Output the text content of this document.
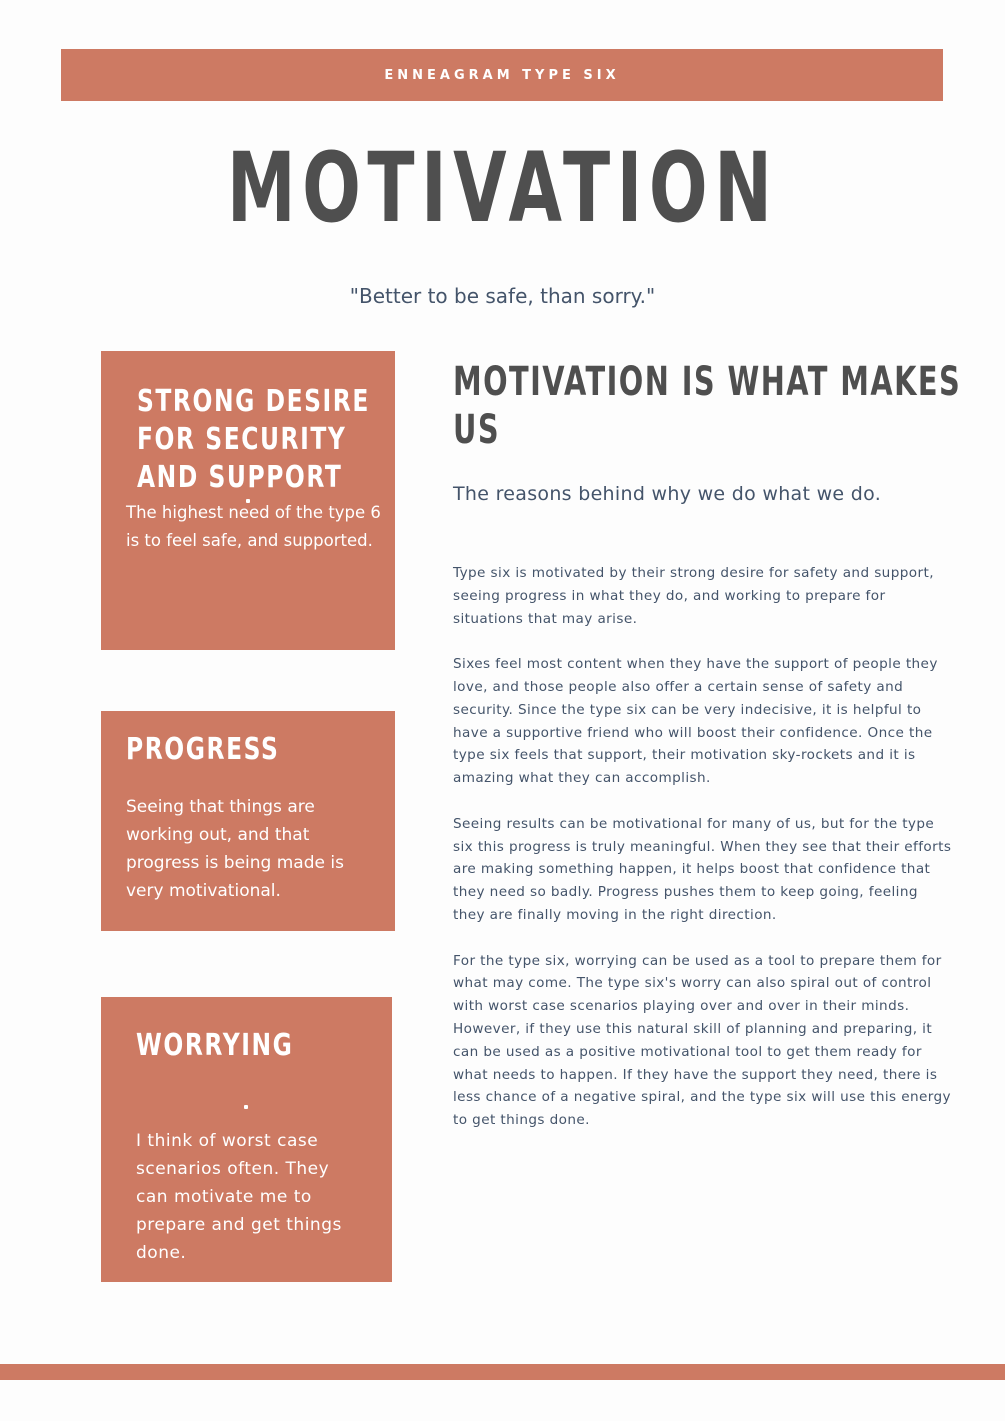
ENNEAGRAM TYPE SIX
MOTIVATION
"Better to be safe, than sorry."
STRONG DESIRE
FOR SECURITY
AND SUPPORT
The highest need of the type 6
is to feel safe, and supported.
PROGRESS
Seeing that things are
working out, and that
progress is being made is
very motivational.
WORRYING
I think of worst case
scenarios often. They
can motivate me to
prepare and get things
done.
MOTIVATION IS WHAT MAKES
US
The reasons behind why we do what we do.

Type six is motivated by their strong desire for safety and support, seeing progress in what they do, and working to prepare for situations that may arise.

Sixes feel most content when they have the support of people they love, and those people also offer a certain sense of safety and security. Since the type six can be very indecisive, it is helpful to have a supportive friend who will boost their confidence. Once the type six feels that support, their motivation sky-rockets and it is amazing what they can accomplish.

Seeing results can be motivational for many of us, but for the type six this progress is truly meaningful. When they see that their efforts are making something happen, it helps boost that confidence that they need so badly. Progress pushes them to keep going, feeling they are finally moving in the right direction.

For the type six, worrying can be used as a tool to prepare them for what may come. The type six's worry can also spiral out of control with worst case scenarios playing over and over in their minds. However, if they use this natural skill of planning and preparing, it can be used as a positive motivational tool to get them ready for what needs to happen. If they have the support they need, there is less chance of a negative spiral, and the type six will use this energy to get things done.
